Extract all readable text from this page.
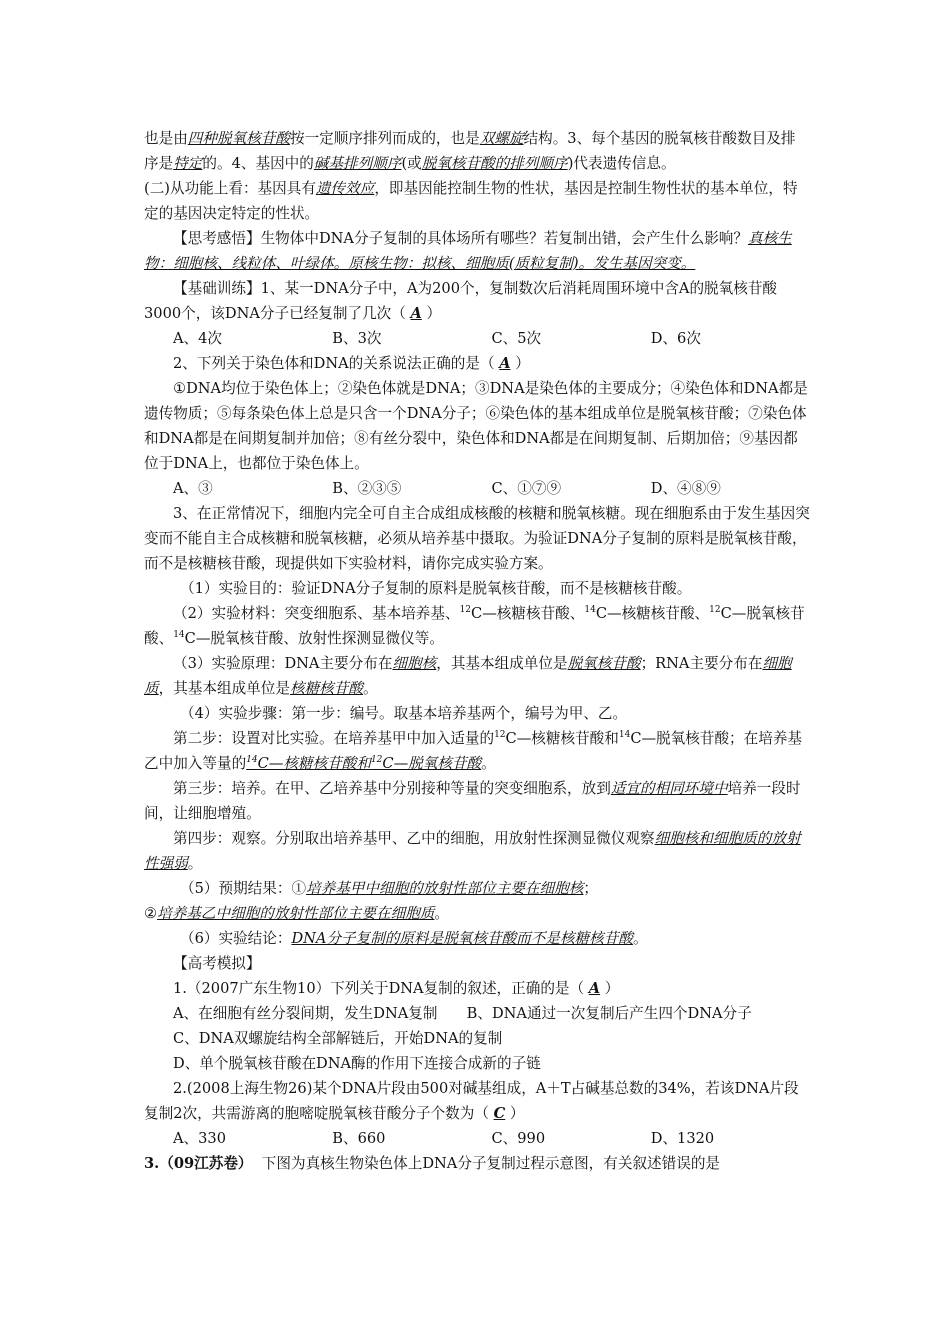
也是由四种脱氧核苷酸按一定顺序排列而成的，也是双螺旋结构。3、每个基因的脱氧核苷酸数目及排序是特定的。4、基因中的碱基排列顺序(或脱氧核苷酸的排列顺序)代表遗传信息。

(二)从功能上看：基因具有遗传效应，即基因能控制生物的性状，基因是控制生物性状的基本单位，特定的基因决定特定的性状。

【思考感悟】生物体中DNA分子复制的具体场所有哪些？若复制出错，会产生什么影响？真核生物：细胞核、线粒体、叶绿体。原核生物：拟核、细胞质(质粒复制)。发生基因突变。

【基础训练】1、某一DNA分子中，A为200个，复制数次后消耗周围环境中含A的脱氧核苷酸3000个，该DNA分子已经复制了几次（ A ）

A、4次	B、3次	C、5次	D、6次

2、下列关于染色体和DNA的关系说法正确的是（ A ）

①DNA均位于染色体上；②染色体就是DNA；③DNA是染色体的主要成分；④染色体和DNA都是遗传物质；⑤每条染色体上总是只含一个DNA分子；⑥染色体的基本组成单位是脱氧核苷酸；⑦染色体和DNA都是在间期复制并加倍；⑧有丝分裂中，染色体和DNA都是在间期复制、后期加倍；⑨基因都位于DNA上，也都位于染色体上。

A、③	B、②③⑤	C、①⑦⑨	D、④⑧⑨

3、在正常情况下，细胞内完全可自主合成组成核酸的核糖和脱氧核糖。现在细胞系由于发生基因突变而不能自主合成核糖和脱氧核糖，必须从培养基中摄取。为验证DNA分子复制的原料是脱氧核苷酸，而不是核糖核苷酸，现提供如下实验材料，请你完成实验方案。

（1）实验目的：验证DNA分子复制的原料是脱氧核苷酸，而不是核糖核苷酸。

（2）实验材料：突变细胞系、基本培养基、$^{12}$C—核糖核苷酸、$^{14}$C—核糖核苷酸、$^{12}$C—脱氧核苷酸、$^{14}$C—脱氧核苷酸、放射性探测显微仪等。

（3）实验原理：DNA主要分布在细胞核，其基本组成单位是脱氧核苷酸；RNA主要分布在细胞质，其基本组成单位是核糖核苷酸。

（4）实验步骤：第一步：编号。取基本培养基两个，编号为甲、乙。

第二步：设置对比实验。在培养基甲中加入适量的$^{12}$C—核糖核苷酸和$^{14}$C—脱氧核苷酸；在培养基乙中加入等量的$^{14}$C—核糖核苷酸和$^{12}$C—脱氧核苷酸。

第三步：培养。在甲、乙培养基中分别接种等量的突变细胞系，放到适宜的相同环境中培养一段时间，让细胞增殖。

第四步：观察。分别取出培养基甲、乙中的细胞，用放射性探测显微仪观察细胞核和细胞质的放射性强弱。

（5）预期结果：①培养基甲中细胞的放射性部位主要在细胞核；

②培养基乙中细胞的放射性部位主要在细胞质。

（6）实验结论：DNA分子复制的原料是脱氧核苷酸而不是核糖核苷酸。

【高考模拟】

1.（2007广东生物10）下列关于DNA复制的叙述，正确的是（ A ）

A、在细胞有丝分裂间期，发生DNA复制　　B、DNA通过一次复制后产生四个DNA分子

C、DNA双螺旋结构全部解链后，开始DNA的复制

D、单个脱氧核苷酸在DNA酶的作用下连接合成新的子链

2.(2008上海生物26)某个DNA片段由500对碱基组成，A＋T占碱基总数的34%，若该DNA片段复制2次，共需游离的胞嘧啶脱氧核苷酸分子个数为（ C ）

A、330	B、660	C、990	D、1320

3.（09江苏卷） 下图为真核生物染色体上DNA分子复制过程示意图，有关叙述错误的是
